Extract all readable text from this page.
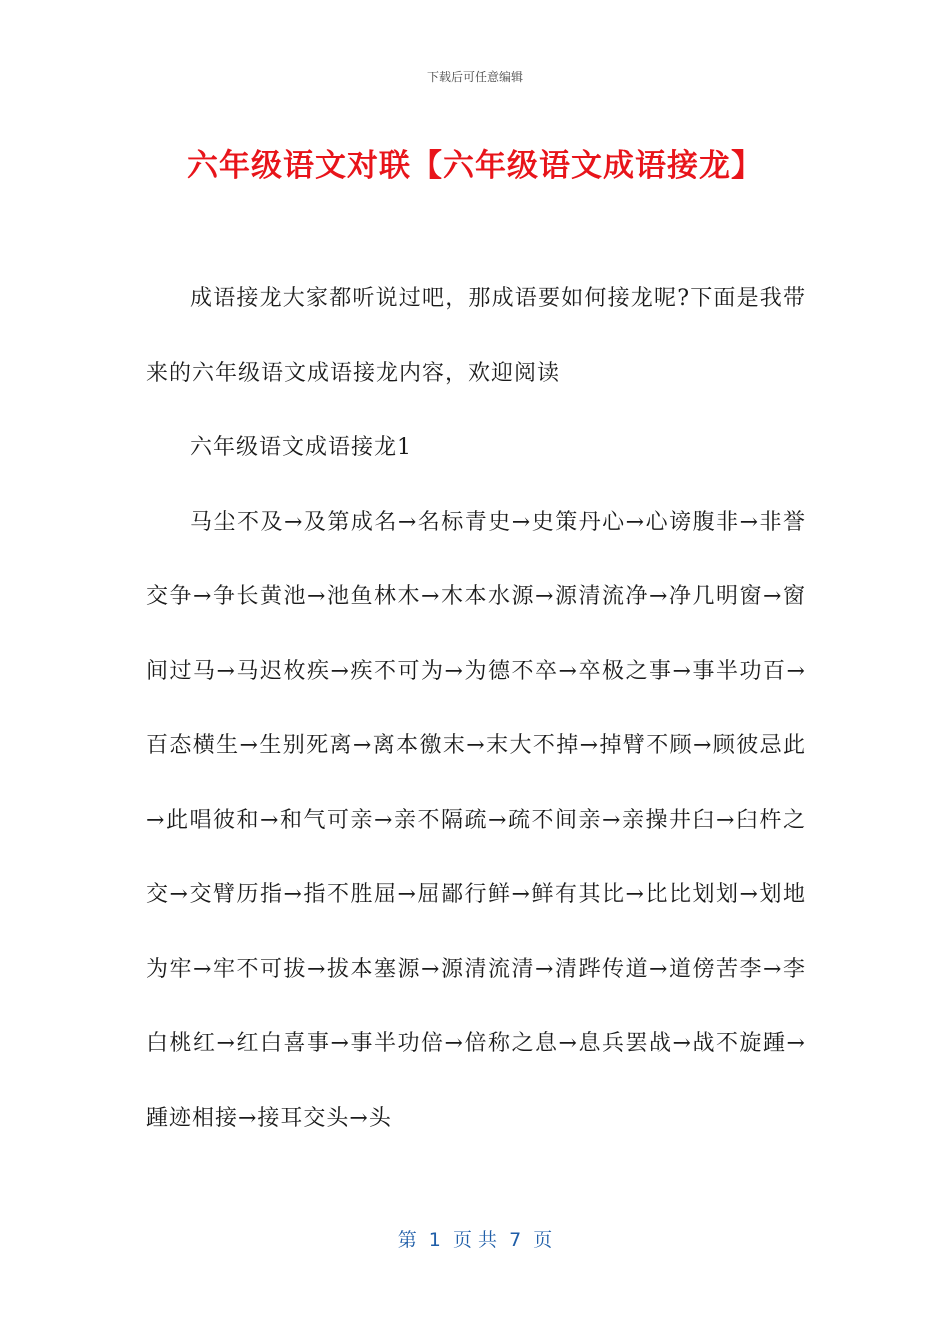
下载后可任意编辑
六年级语文对联【六年级语文成语接龙】

成语接龙大家都听说过吧，那成语要如何接龙呢?下面是我带来的六年级语文成语接龙内容，欢迎阅读

六年级语文成语接龙1

马尘不及→及第成名→名标青史→史策丹心→心谤腹非→非誉交争→争长黄池→池鱼林木→木本水源→源清流净→净几明窗→窗间过马→马迟枚疾→疾不可为→为德不卒→卒极之事→事半功百→百态横生→生别死离→离本徼末→末大不掉→掉臂不顾→顾彼忌此→此唱彼和→和气可亲→亲不隔疏→疏不间亲→亲操井臼→臼杵之交→交臂历指→指不胜屈→屈鄙行鲜→鲜有其比→比比划划→划地为牢→牢不可拔→拔本塞源→源清流清→清跸传道→道傍苦李→李白桃红→红白喜事→事半功倍→倍称之息→息兵罢战→战不旋踵→踵迹相接→接耳交头→头

第  1  页 共  7  页
